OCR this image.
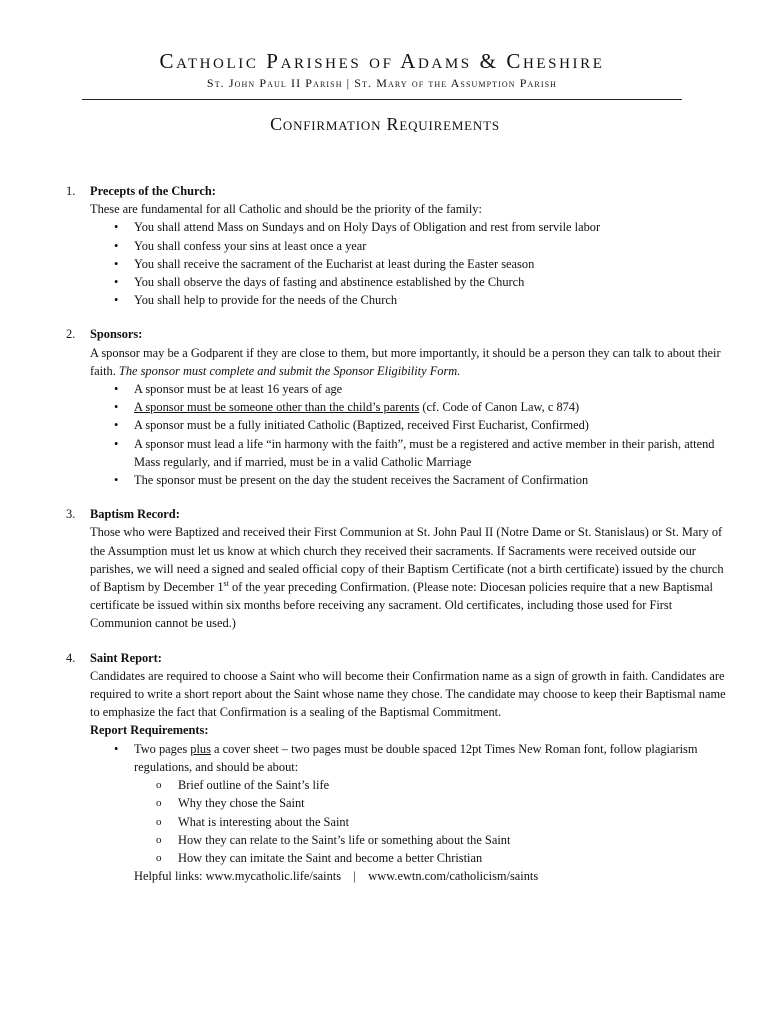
Catholic Parishes of Adams & Cheshire
St. John Paul II Parish | St. Mary of the Assumption Parish
Confirmation Requirements
1. Precepts of the Church:
These are fundamental for all Catholic and should be the priority of the family:
• You shall attend Mass on Sundays and on Holy Days of Obligation and rest from servile labor
• You shall confess your sins at least once a year
• You shall receive the sacrament of the Eucharist at least during the Easter season
• You shall observe the days of fasting and abstinence established by the Church
• You shall help to provide for the needs of the Church
2. Sponsors:
A sponsor may be a Godparent if they are close to them, but more importantly, it should be a person they can talk to about their faith. The sponsor must complete and submit the Sponsor Eligibility Form.
• A sponsor must be at least 16 years of age
• A sponsor must be someone other than the child’s parents (cf. Code of Canon Law, c 874)
• A sponsor must be a fully initiated Catholic (Baptized, received First Eucharist, Confirmed)
• A sponsor must lead a life “in harmony with the faith”, must be a registered and active member in their parish, attend Mass regularly, and if married, must be in a valid Catholic Marriage
• The sponsor must be present on the day the student receives the Sacrament of Confirmation
3. Baptism Record:
Those who were Baptized and received their First Communion at St. John Paul II (Notre Dame or St. Stanislaus) or St. Mary of the Assumption must let us know at which church they received their sacraments. If Sacraments were received outside our parishes, we will need a signed and sealed official copy of their Baptism Certificate (not a birth certificate) issued by the church of Baptism by December 1st of the year preceding Confirmation. (Please note: Diocesan policies require that a new Baptismal certificate be issued within six months before receiving any sacrament. Old certificates, including those used for First Communion cannot be used.)
4. Saint Report:
Candidates are required to choose a Saint who will become their Confirmation name as a sign of growth in faith. Candidates are required to write a short report about the Saint whose name they chose. The candidate may choose to keep their Baptismal name to emphasize the fact that Confirmation is a sealing of the Baptismal Commitment.
Report Requirements:
• Two pages plus a cover sheet – two pages must be double spaced 12pt Times New Roman font, follow plagiarism regulations, and should be about:
o Brief outline of the Saint’s life
o Why they chose the Saint
o What is interesting about the Saint
o How they can relate to the Saint’s life or something about the Saint
o How they can imitate the Saint and become a better Christian
Helpful links: www.mycatholic.life/saints    |    www.ewtn.com/catholicism/saints
